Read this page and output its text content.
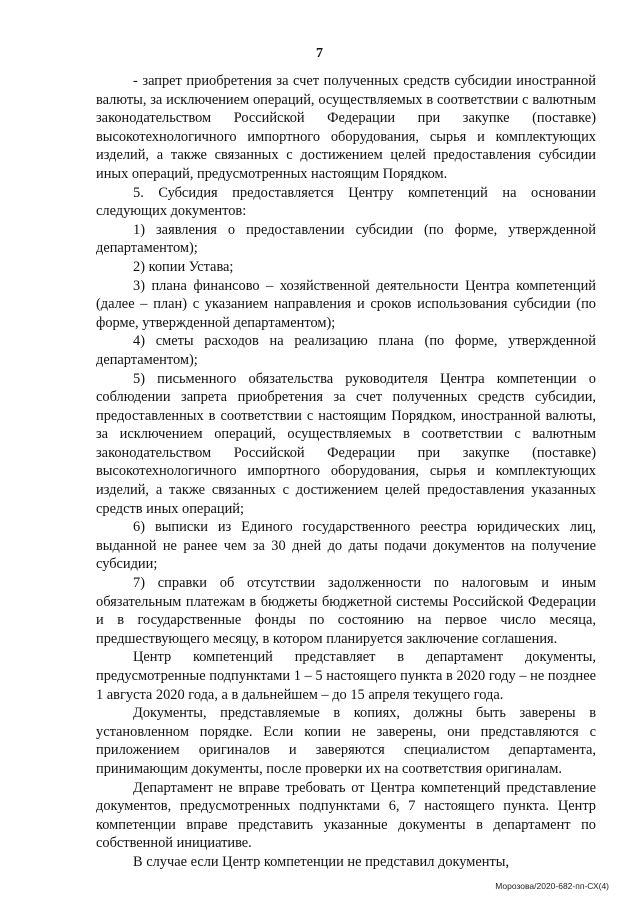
7

- запрет приобретения за счет полученных средств субсидии иностранной валюты, за исключением операций, осуществляемых в соответствии с валютным законодательством Российской Федерации при закупке (поставке) высокотехнологичного импортного оборудования, сырья и комплектующих изделий, а также связанных с достижением целей предоставления субсидии иных операций, предусмотренных настоящим Порядком.

5. Субсидия предоставляется Центру компетенций на основании следующих документов:

1) заявления о предоставлении субсидии (по форме, утвержденной департаментом);

2) копии Устава;

3) плана финансово – хозяйственной деятельности Центра компетенций (далее – план) с указанием направления и сроков использования субсидии (по форме, утвержденной департаментом);

4) сметы расходов на реализацию плана (по форме, утвержденной департаментом);

5) письменного обязательства руководителя Центра компетенции о соблюдении запрета приобретения за счет полученных средств субсидии, предоставленных в соответствии с настоящим Порядком, иностранной валюты, за исключением операций, осуществляемых в соответствии с валютным законодательством Российской Федерации при закупке (поставке) высокотехнологичного импортного оборудования, сырья и комплектующих изделий, а также связанных с достижением целей предоставления указанных средств иных операций;

6) выписки из Единого государственного реестра юридических лиц, выданной не ранее чем за 30 дней до даты подачи документов на получение субсидии;

7) справки об отсутствии задолженности по налоговым и иным обязательным платежам в бюджеты бюджетной системы Российской Федерации и в государственные фонды по состоянию на первое число месяца, предшествующего месяцу, в котором планируется заключение соглашения.

Центр компетенций представляет в департамент документы, предусмотренные подпунктами 1 – 5 настоящего пункта в 2020 году – не позднее 1 августа 2020 года, а в дальнейшем – до 15 апреля текущего года.

Документы, представляемые в копиях, должны быть заверены в установленном порядке. Если копии не заверены, они представляются с приложением оригиналов и заверяются специалистом департамента, принимающим документы, после проверки их на соответствия оригиналам.

Департамент не вправе требовать от Центра компетенций представление документов, предусмотренных подпунктами 6, 7 настоящего пункта. Центр компетенции вправе представить указанные документы в департамент по собственной инициативе.

В случае если Центр компетенции не представил документы,

Морозова/2020-682-пп-СХ(4)
